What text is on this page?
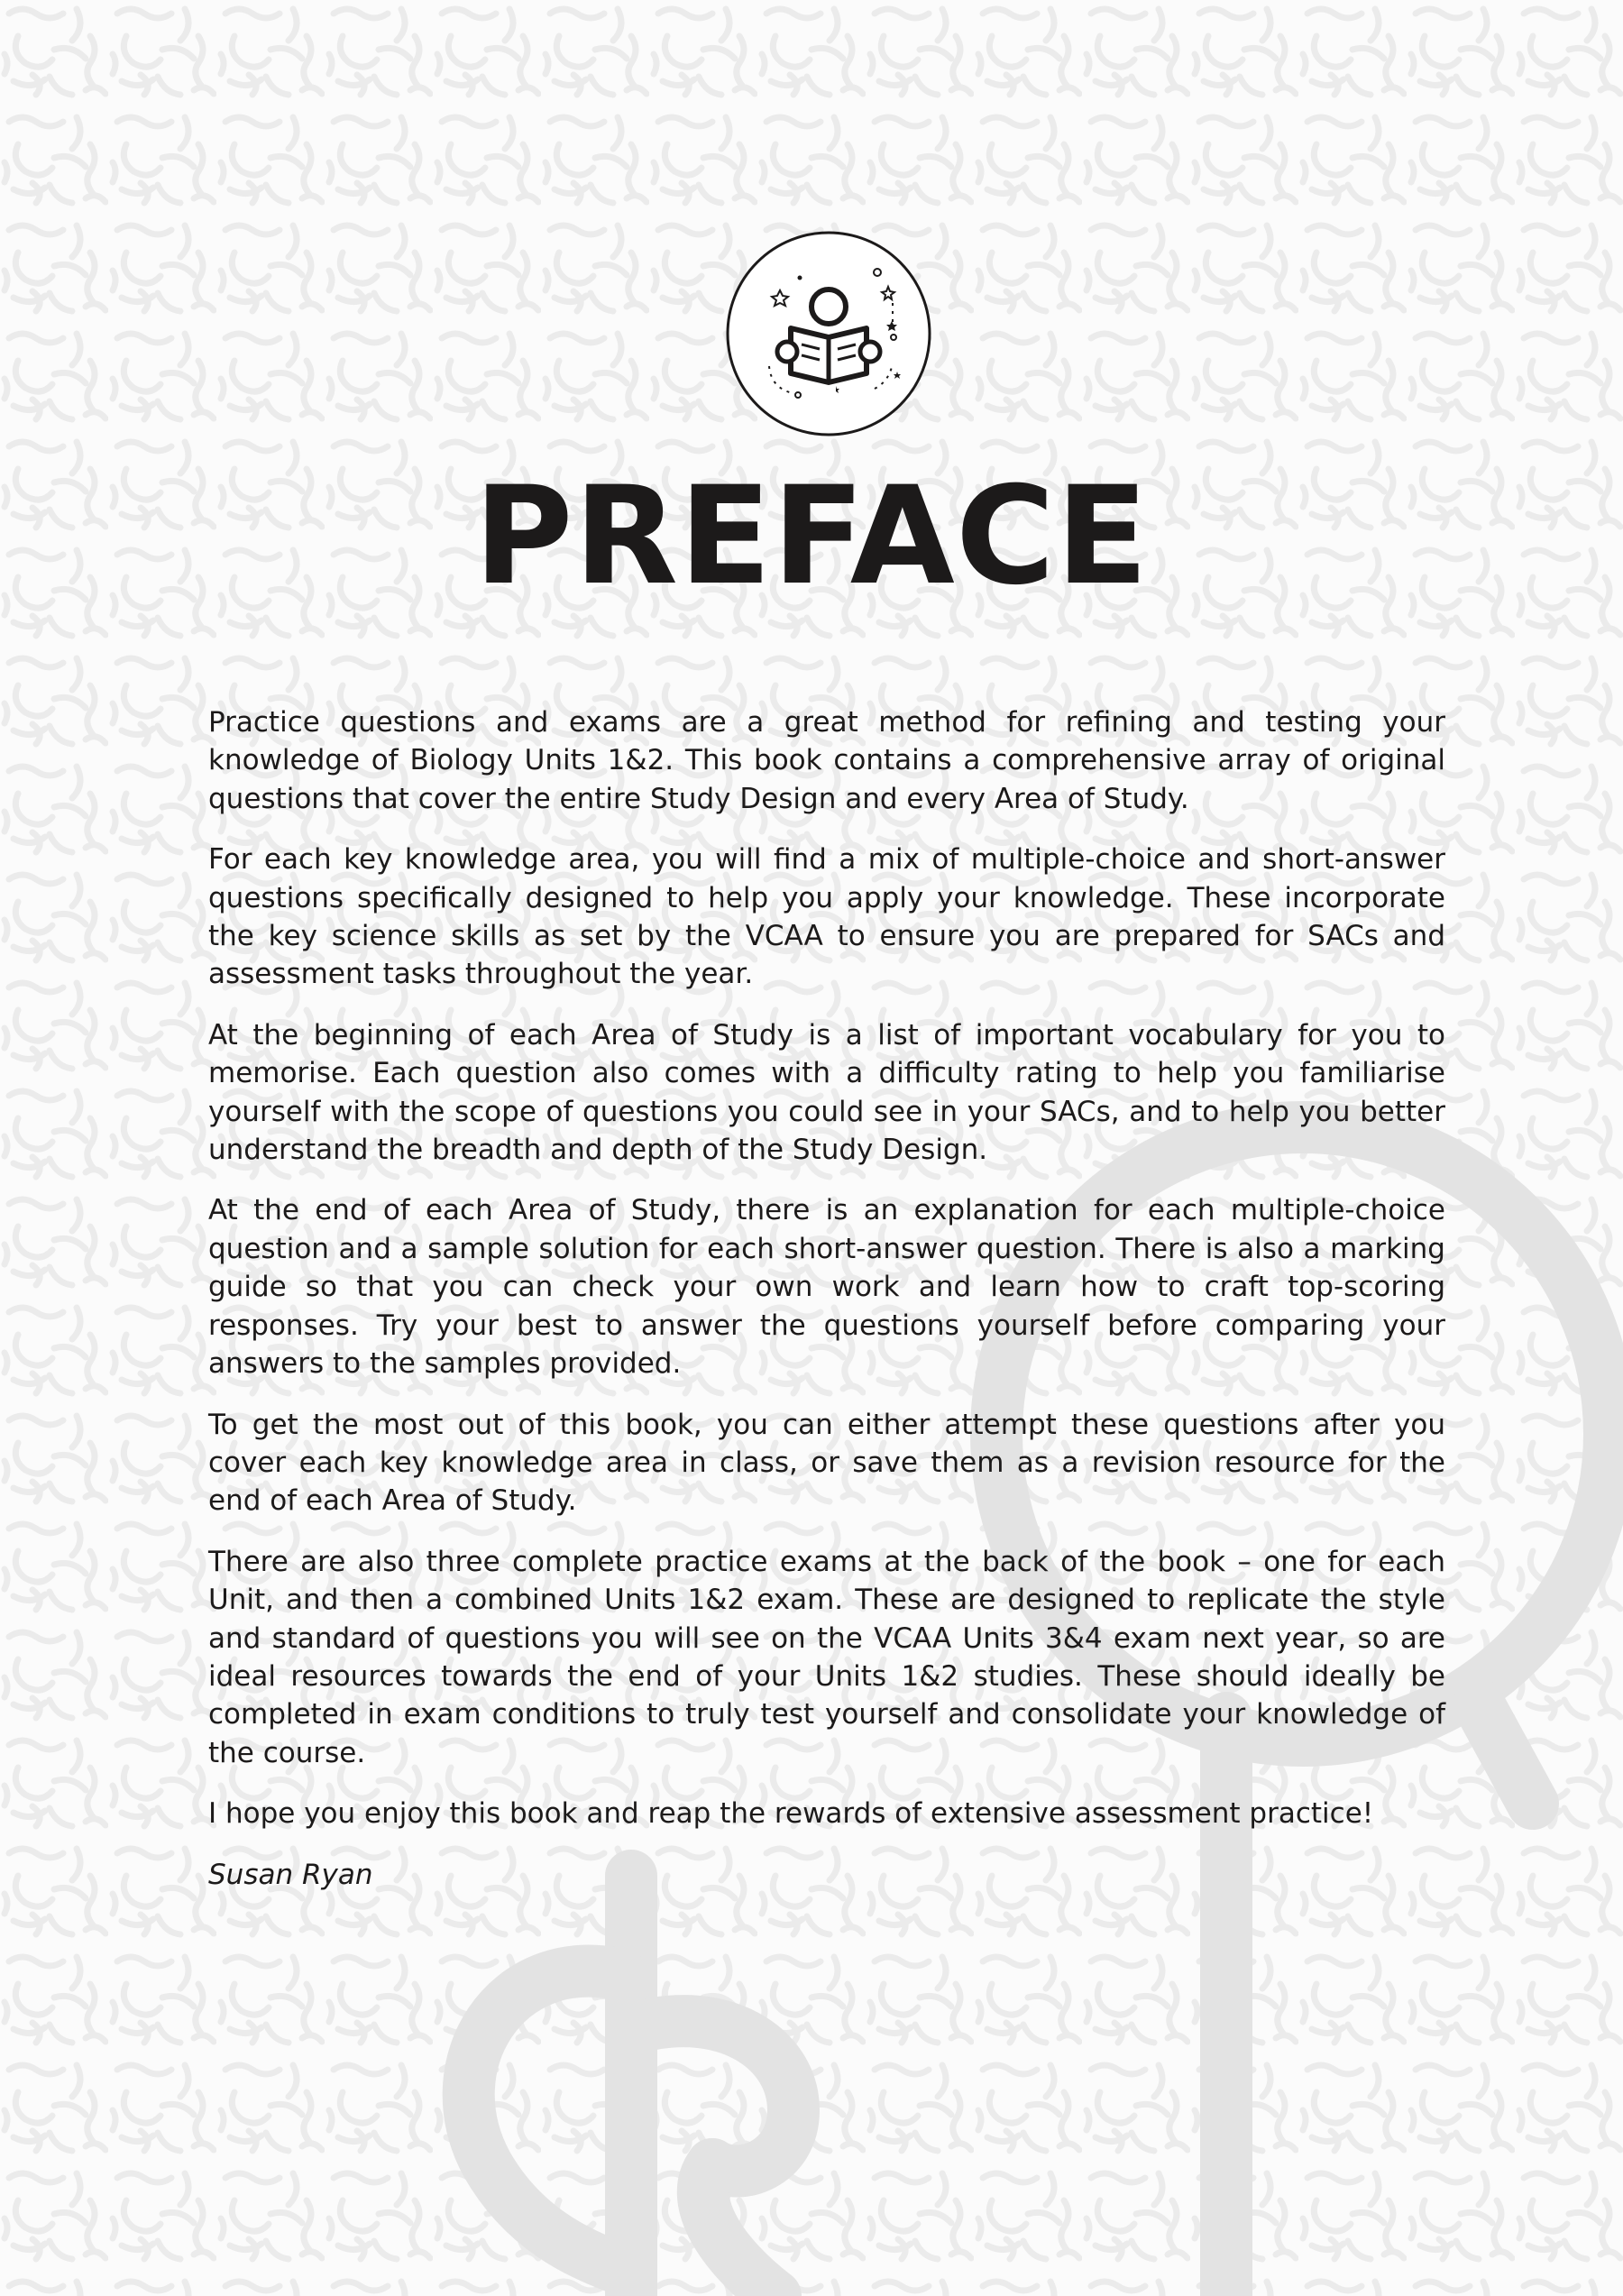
PREFACE

Practice questions and exams are a great method for refining and testing your knowledge of Biology Units 1&2. This book contains a comprehensive array of original questions that cover the entire Study Design and every Area of Study.

For each key knowledge area, you will find a mix of multiple-choice and short-answer questions specifically designed to help you apply your knowledge. These incorporate the key science skills as set by the VCAA to ensure you are prepared for SACs and assessment tasks throughout the year.

At the beginning of each Area of Study is a list of important vocabulary for you to memorise. Each question also comes with a difficulty rating to help you familiarise yourself with the scope of questions you could see in your SACs, and to help you better understand the breadth and depth of the Study Design.

At the end of each Area of Study, there is an explanation for each multiple-choice question and a sample solution for each short-answer question. There is also a marking guide so that you can check your own work and learn how to craft top-scoring responses. Try your best to answer the questions yourself before comparing your answers to the samples provided.

To get the most out of this book, you can either attempt these questions after you cover each key knowledge area in class, or save them as a revision resource for the end of each Area of Study.

There are also three complete practice exams at the back of the book – one for each Unit, and then a combined Units 1&2 exam. These are designed to replicate the style and standard of questions you will see on the VCAA Units 3&4 exam next year, so are ideal resources towards the end of your Units 1&2 studies. These should ideally be completed in exam conditions to truly test yourself and consolidate your knowledge of the course.

I hope you enjoy this book and reap the rewards of extensive assessment practice!

Susan Ryan
